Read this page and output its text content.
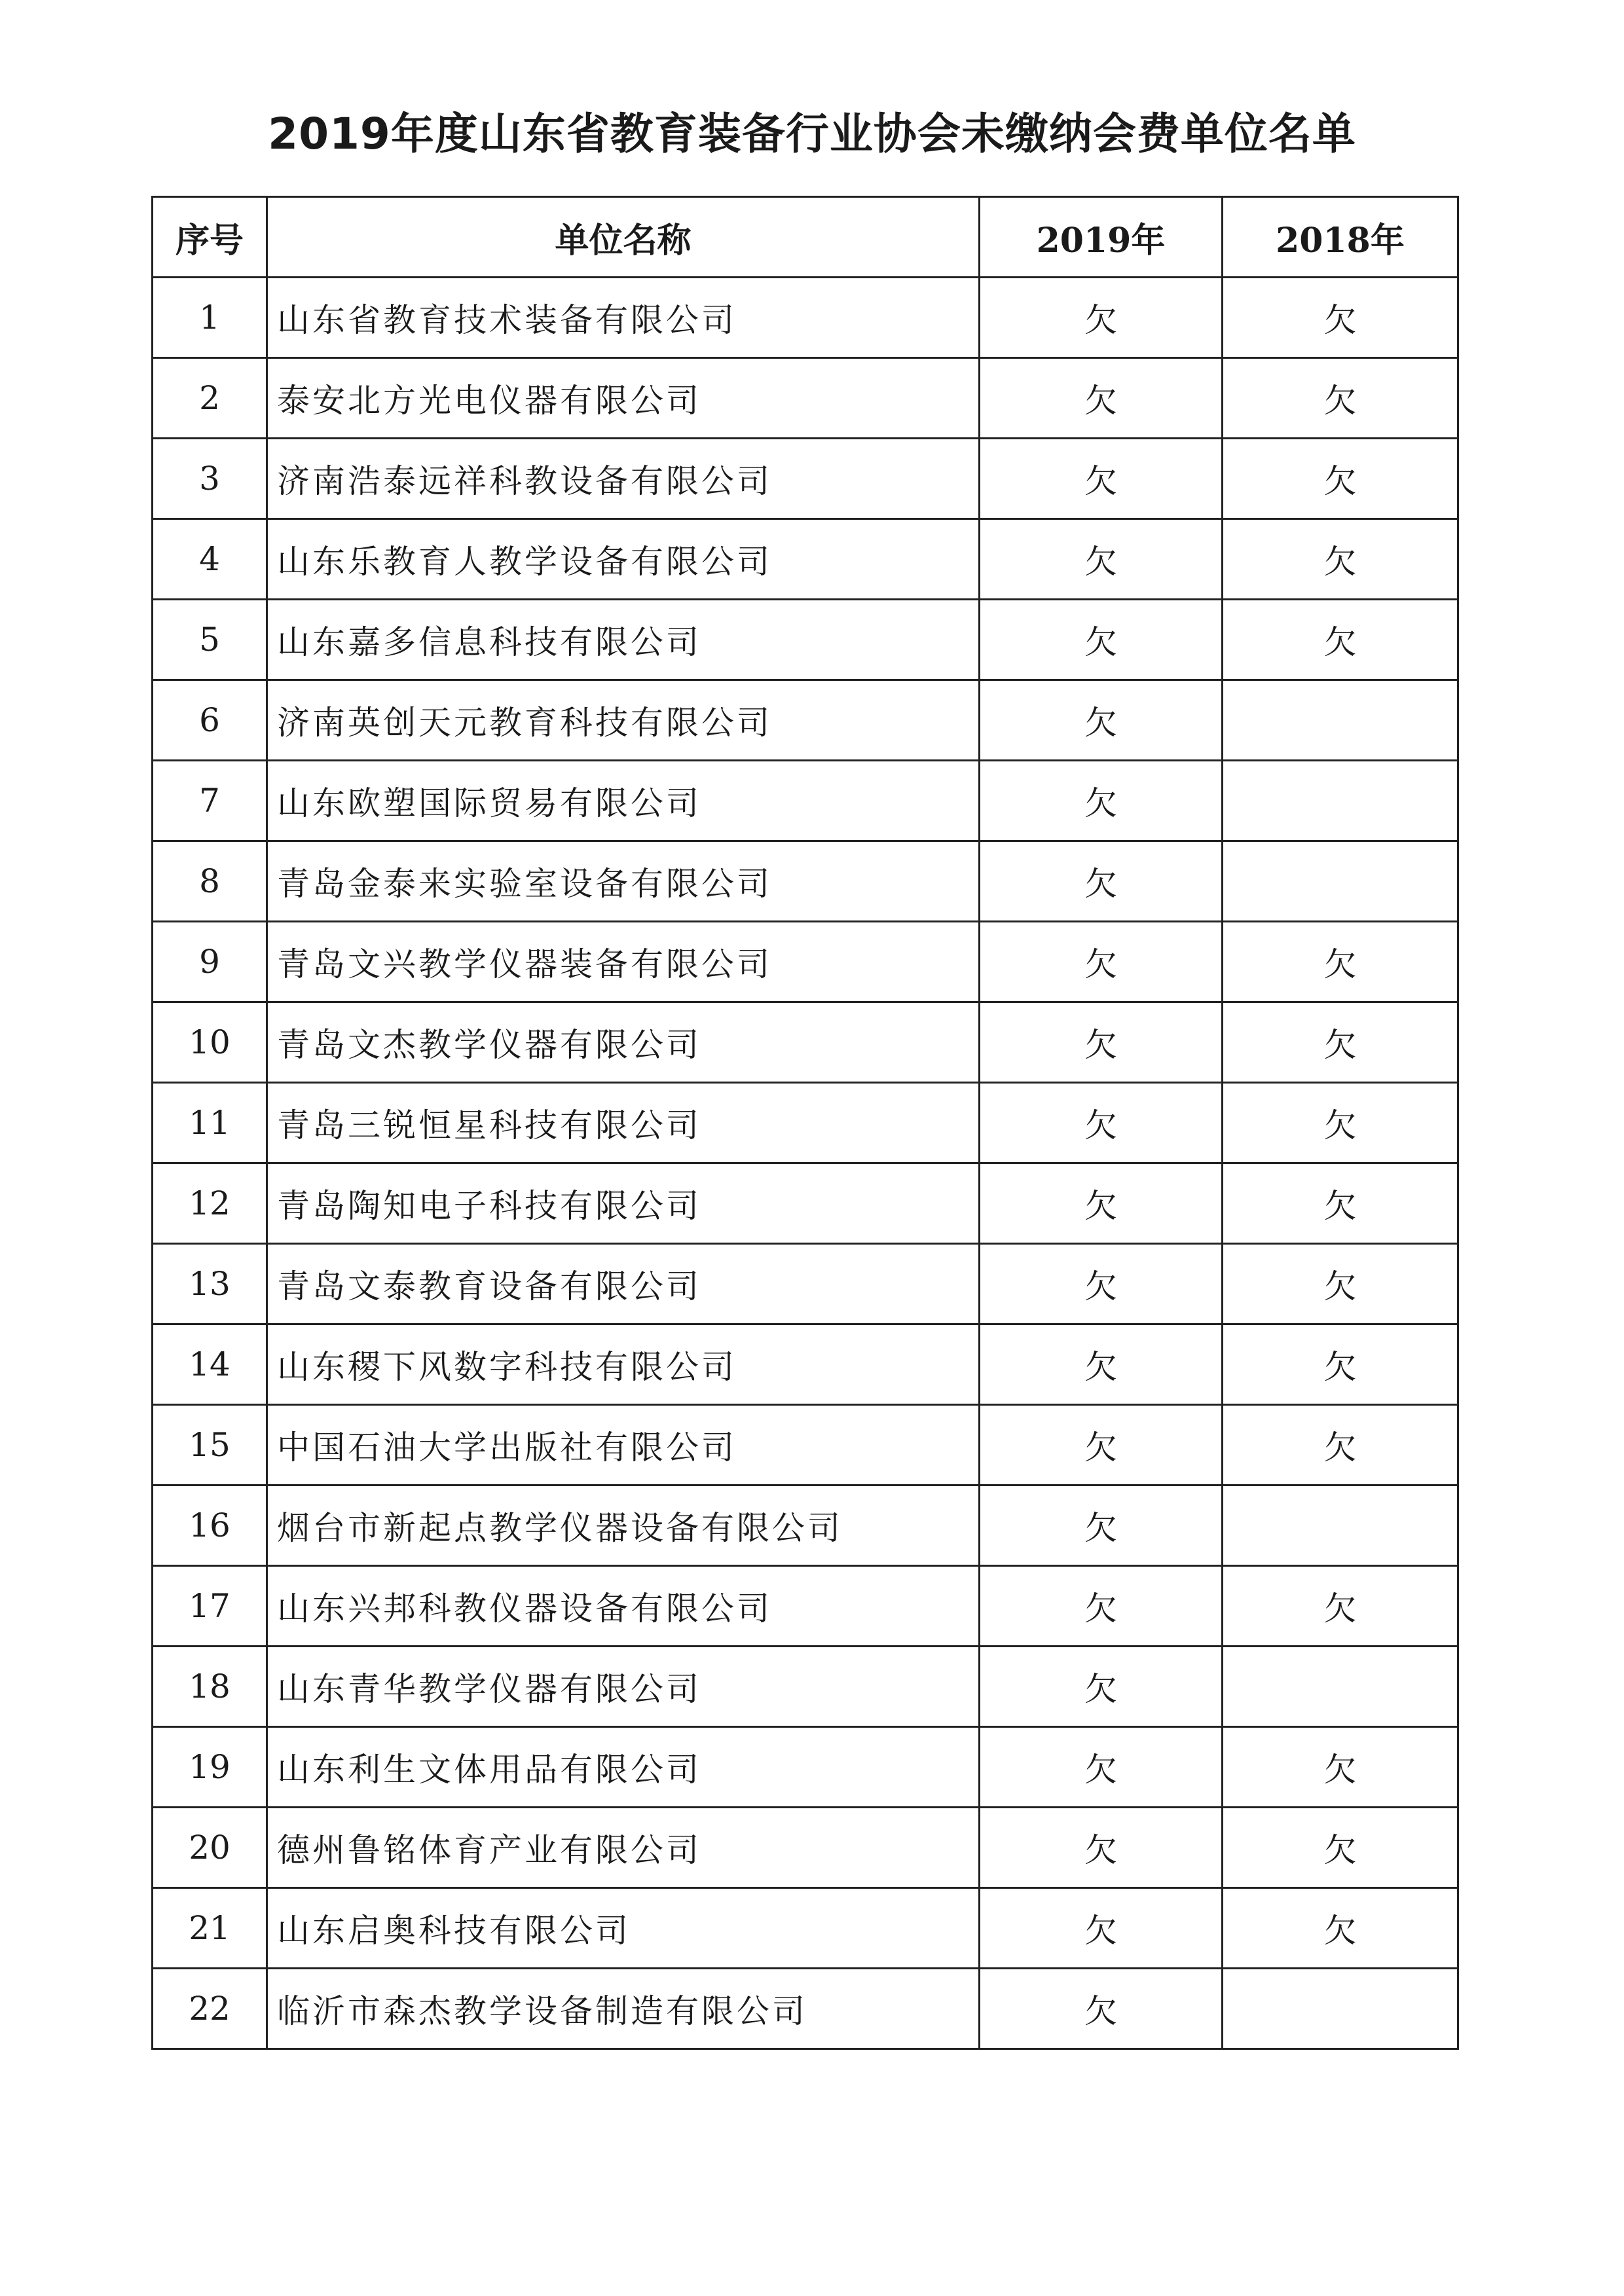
2019年度山东省教育装备行业协会未缴纳会费单位名单
序号	单位名称	2019年	2018年
1	山东省教育技术装备有限公司	欠	欠
2	泰安北方光电仪器有限公司	欠	欠
3	济南浩泰远祥科教设备有限公司	欠	欠
4	山东乐教育人教学设备有限公司	欠	欠
5	山东嘉多信息科技有限公司	欠	欠
6	济南英创天元教育科技有限公司	欠	
7	山东欧塑国际贸易有限公司	欠	
8	青岛金泰来实验室设备有限公司	欠	
9	青岛文兴教学仪器装备有限公司	欠	欠
10	青岛文杰教学仪器有限公司	欠	欠
11	青岛三锐恒星科技有限公司	欠	欠
12	青岛陶知电子科技有限公司	欠	欠
13	青岛文泰教育设备有限公司	欠	欠
14	山东稷下风数字科技有限公司	欠	欠
15	中国石油大学出版社有限公司	欠	欠
16	烟台市新起点教学仪器设备有限公司	欠	
17	山东兴邦科教仪器设备有限公司	欠	欠
18	山东青华教学仪器有限公司	欠	
19	山东利生文体用品有限公司	欠	欠
20	德州鲁铭体育产业有限公司	欠	欠
21	山东启奥科技有限公司	欠	欠
22	临沂市森杰教学设备制造有限公司	欠	
